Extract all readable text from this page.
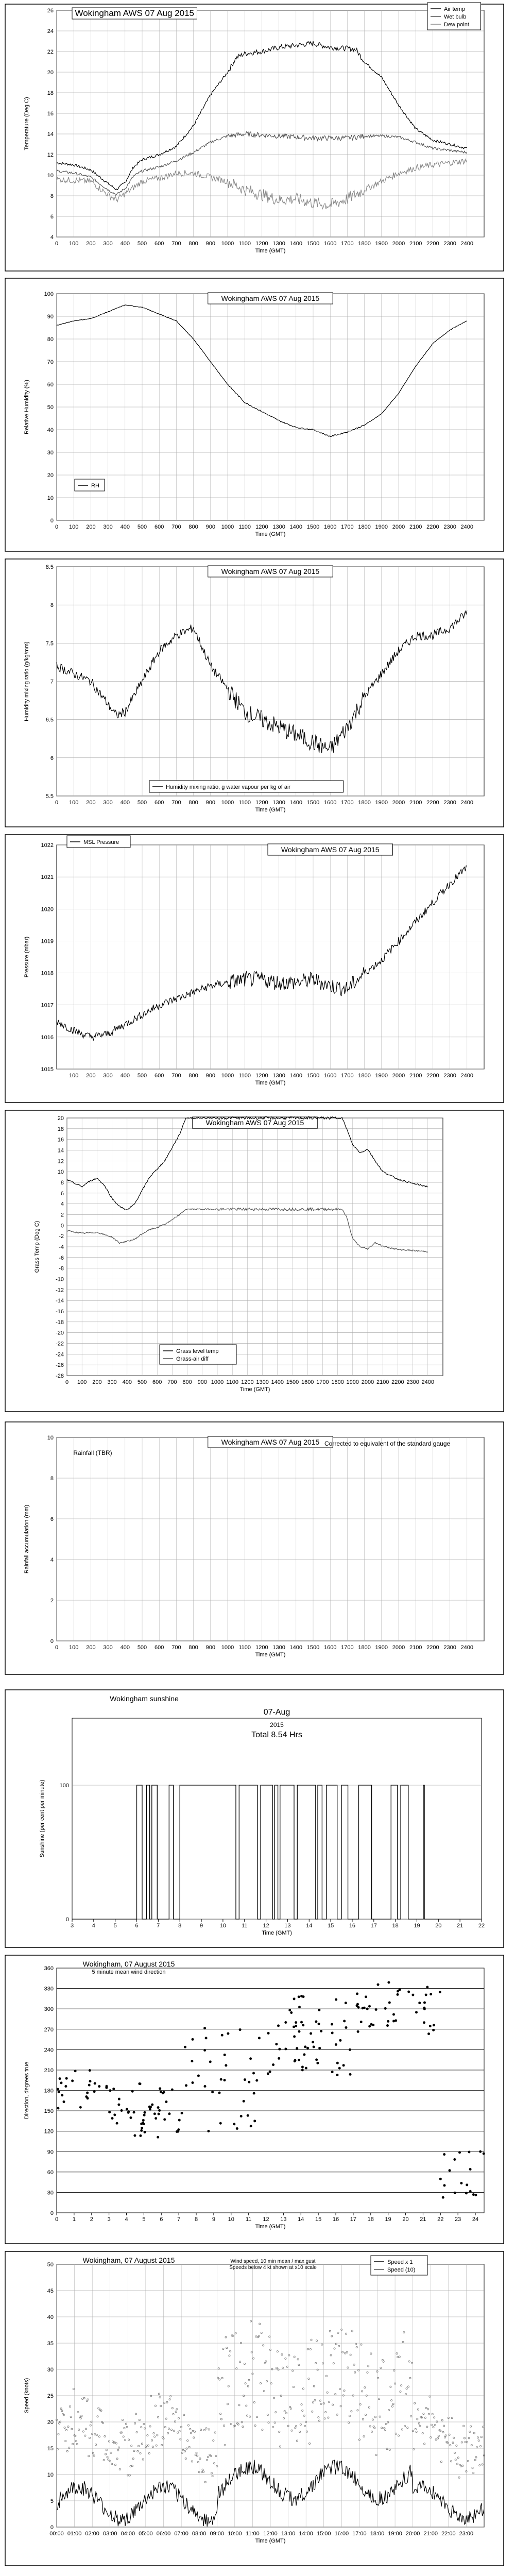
4
6
8
10
12
14
16
18
20
22
24
26
0 100 200 300 400 500 600 700 800 900 1000 1100 1200 1300 1400 1500 1600 1700 1800 1900 2000 2100 2200 2300 2400
Time (GMT)
Temperature (Deg C)
Wokingham AWS 07 Aug 2015	Air temp
Wet bulb
Dew point
0
10
20
30
40
50
60
70
80
90
100
0 100 200 300 400 500 600 700 800 900 1000 1100 1200 1300 1400 1500 1600 1700 1800 1900 2000 2100 2200 2300 2400
Time (GMT)
Relative Humidity (%)
Wokingham AWS 07 Aug 2015
RH
5.5
6
6.5
7
7.5
8
8.5
0 100 200 300 400 500 600 700 800 900 1000 1100 1200 1300 1400 1500 1600 1700 1800 1900 2000 2100 2200 2300 2400
Time (GMT)
Humidity mixing ratio (g/kg/mm)
Wokingham AWS 07 Aug 2015
Humidity mixing ratio, g water vapour per kg of air
1015
1016
1017
1018
1019
1020
1021
1022
100 200 300 400 500 600 700 800 900 1000 1100 1200 1300 1400 1500 1600 1700 1800 1900 2000 2100 2200 2300 2400
Time (GMT)
Pressure (mbar)
Wokingham AWS 07 Aug 2015
MSL Pressure
-28
-26
-24
-22
-20
-18
-16
-14
-12
-10
-8
-6
-4
-2
0
2
4
6
8
10
12
14
16
18
20
0 100 200 300 400 500 600 700 800 900 1000 1100 1200 1300 1400 1500 1600 1700 1800 1900 2000 2100 2200 2300 2400
Time (GMT)
Grass Temp (Deg C)
Wokingham AWS 07 Aug 2015
Grass level temp
Grass-air diff
0
2
4
6
8
10
0 100 200 300 400 500 600 700 800 900 1000 1100 1200 1300 1400 1500 1600 1700 1800 1900 2000 2100 2200 2300 2400
Time (GMT)
Rainfall accumulation (mm)
Wokingham AWS 07 Aug 2015
Rainfall (TBR)
Corrected to equivalent of the standard gauge
0
100
3	4	5	6	7	8	9	10	11	12	13	14	15	16	17	18	19	20	21	22
Time (GMT)
Sunshine (per cent per minute)
Wokingham sunshine
07-Aug
2015
Total 8.54 Hrs
0
30
60
90
120
150
180
210
240
270
300
330
360
0	1	2	3	4	5	6	7	8	9 10 11 12 13 14 15 16 17 18 19 20 21 22 23 24
Time (GMT)
Direction, degrees true
Wokingham, 07 August 2015
5 minute mean wind direction
0
5
10
15
20
25
30
35
40
45
50
00:00 01:00 02:00 03:00 04:00 05:00 06:00 07:00 08:00 09:00 10:00 11:00 12:00 13:00 14:00 15:00 16:00 17:00 18:00 19:00 20:00 21:00 22:00 23:00
Time (GMT)
Speed (knots)
Wokingham, 07 August 2015	Wind speed, 10 min mean / max gust
Speeds below 4 kt shown at x10 scale
Speed x 1
Speed (10)
